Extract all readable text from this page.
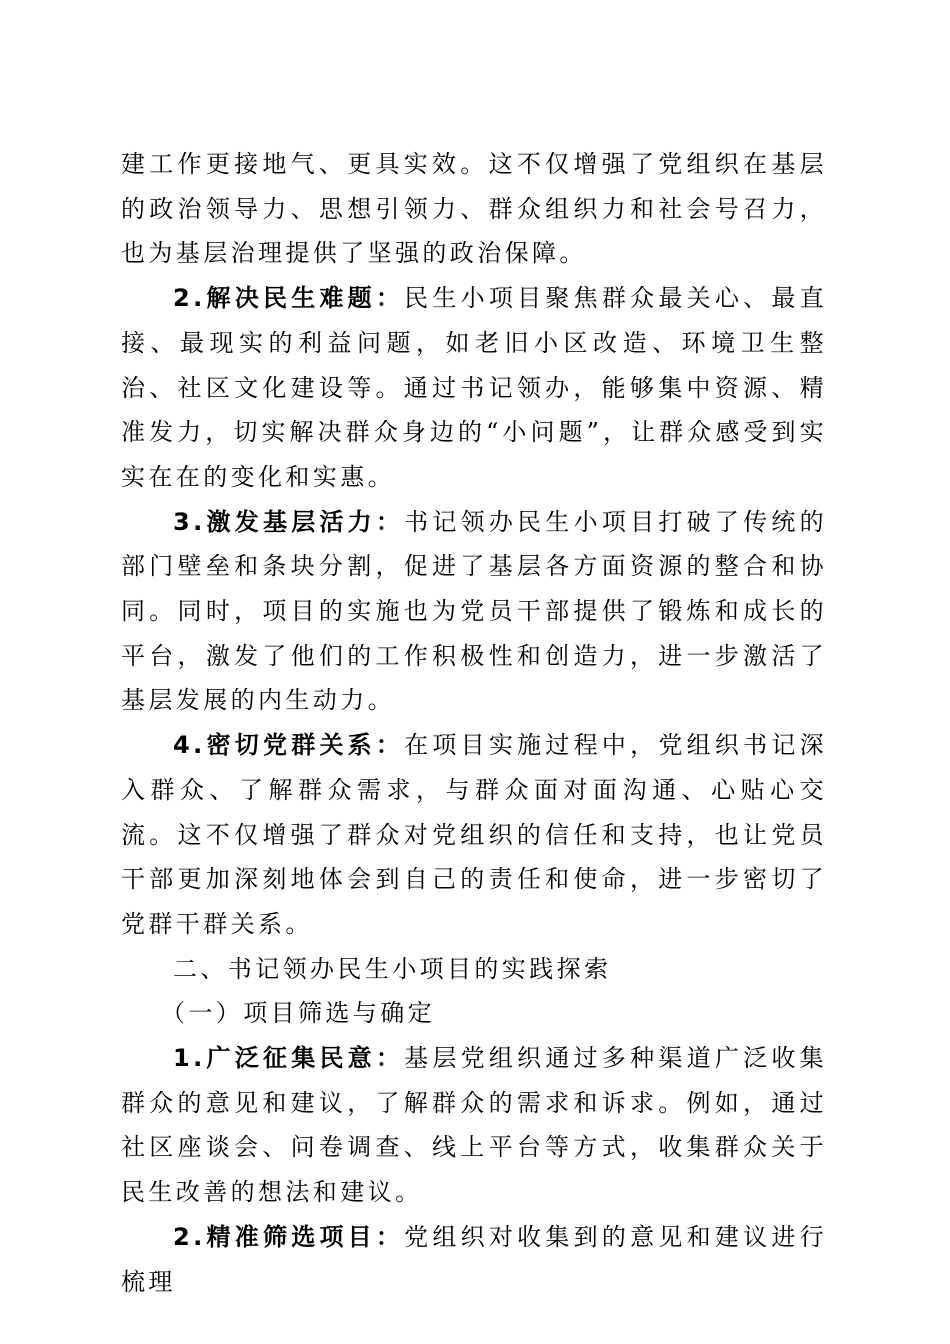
建工作更接地气、更具实效。这不仅增强了党组织在基层的政治领导力、思想引领力、群众组织力和社会号召力，也为基层治理提供了坚强的政治保障。

2.解决民生难题：民生小项目聚焦群众最关心、最直接、最现实的利益问题，如老旧小区改造、环境卫生整治、社区文化建设等。通过书记领办，能够集中资源、精准发力，切实解决群众身边的“小问题”，让群众感受到实实在在的变化和实惠。

3.激发基层活力：书记领办民生小项目打破了传统的部门壁垒和条块分割，促进了基层各方面资源的整合和协同。同时，项目的实施也为党员干部提供了锻炼和成长的平台，激发了他们的工作积极性和创造力，进一步激活了基层发展的内生动力。

4.密切党群关系：在项目实施过程中，党组织书记深入群众、了解群众需求，与群众面对面沟通、心贴心交流。这不仅增强了群众对党组织的信任和支持，也让党员干部更加深刻地体会到自己的责任和使命，进一步密切了党群干群关系。

二、书记领办民生小项目的实践探索

（一）项目筛选与确定

1.广泛征集民意：基层党组织通过多种渠道广泛收集群众的意见和建议，了解群众的需求和诉求。例如，通过社区座谈会、问卷调查、线上平台等方式，收集群众关于民生改善的想法和建议。

2.精准筛选项目：党组织对收集到的意见和建议进行梳理
